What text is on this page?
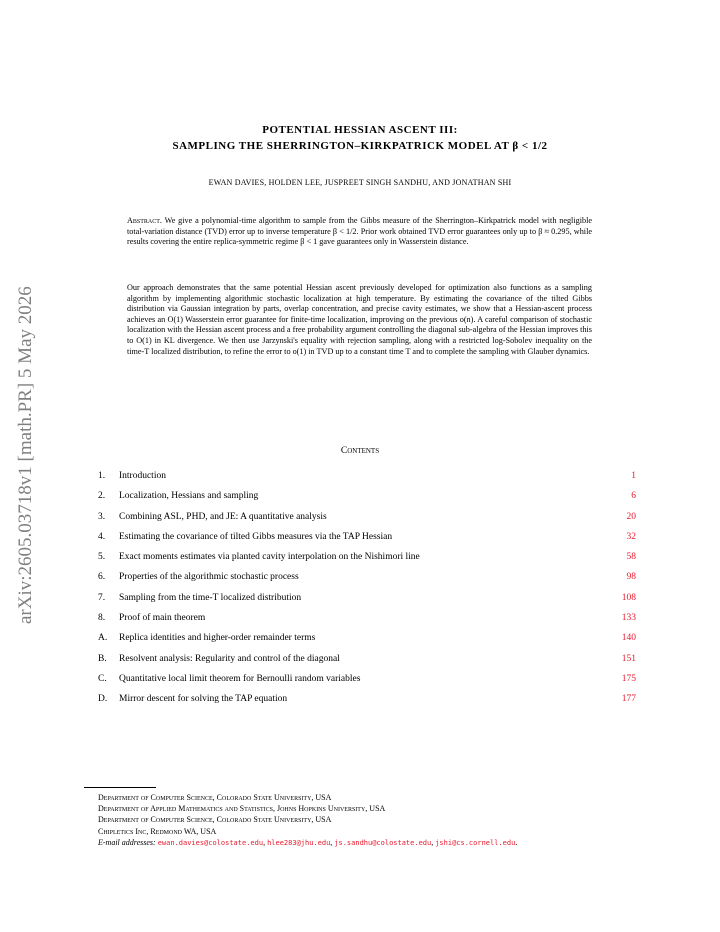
arXiv:2605.03718v1 [math.PR] 5 May 2026
POTENTIAL HESSIAN ASCENT III:
SAMPLING THE SHERRINGTON–KIRKPATRICK MODEL AT β < 1/2
EWAN DAVIES, HOLDEN LEE, JUSPREET SINGH SANDHU, AND JONATHAN SHI
Abstract. We give a polynomial-time algorithm to sample from the Gibbs measure of the Sherrington–Kirkpatrick model with negligible total-variation distance (TVD) error up to inverse temperature β < 1/2. Prior work obtained TVD error guarantees only up to β ≈ 0.295, while results covering the entire replica-symmetric regime β < 1 gave guarantees only in Wasserstein distance.
Our approach demonstrates that the same potential Hessian ascent previously developed for optimization also functions as a sampling algorithm by implementing algorithmic stochastic localization at high temperature. By estimating the covariance of the tilted Gibbs distribution via Gaussian integration by parts, overlap concentration, and precise cavity estimates, we show that a Hessian-ascent process achieves an O(1) Wasserstein error guarantee for finite-time localization, improving on the previous o(n). A careful comparison of stochastic localization with the Hessian ascent process and a free probability argument controlling the diagonal sub-algebra of the Hessian improves this to O(1) in KL divergence. We then use Jarzynski's equality with rejection sampling, along with a restricted log-Sobolev inequality on the time-T localized distribution, to refine the error to o(1) in TVD up to a constant time T and to complete the sampling with Glauber dynamics.
Contents
1.	Introduction	1
2.	Localization, Hessians and sampling	6
3.	Combining ASL, PHD, and JE: A quantitative analysis	20
4.	Estimating the covariance of tilted Gibbs measures via the TAP Hessian	32
5.	Exact moments estimates via planted cavity interpolation on the Nishimori line	58
6.	Properties of the algorithmic stochastic process	98
7.	Sampling from the time-T localized distribution	108
8.	Proof of main theorem	133
A.	Replica identities and higher-order remainder terms	140
B.	Resolvent analysis: Regularity and control of the diagonal	151
C.	Quantitative local limit theorem for Bernoulli random variables	175
D.	Mirror descent for solving the TAP equation	177
Department of Computer Science, Colorado State University, USA
Department of Applied Mathematics and Statistics, Johns Hopkins University, USA
Department of Computer Science, Colorado State University, USA
Chipletics Inc, Redmond WA, USA
E-mail addresses: ewan.davies@colostate.edu, hlee283@jhu.edu, js.sandhu@colostate.edu, jshi@cs.cornell.edu.
